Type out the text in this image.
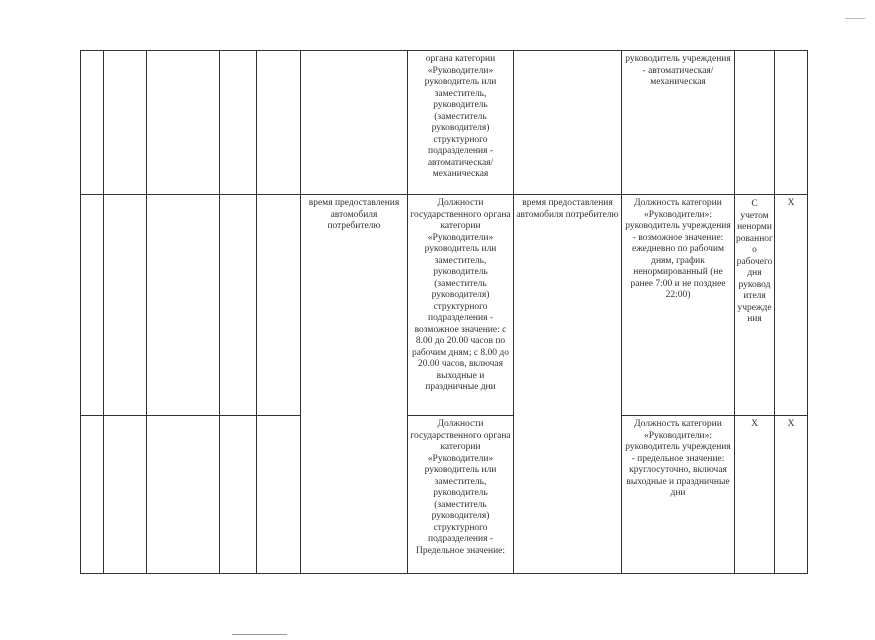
						органа категории «Руководители» руководитель или заместитель, руководитель (заместитель руководителя) структурного подразделения - автоматическая/механическая		руководитель учреждения - автоматическая/механическая		
					время предоставления автомобиля потребителю	Должности государственного органа категории «Руководители» руководитель или заместитель, руководитель (заместитель руководителя) структурного подразделения - возможное значение: с 8.00 до 20.00 часов по рабочим дням; с 8.00 до 20.00 часов, включая выходные и праздничные дни	время предоставления автомобиля потребителю	Должность категории «Руководители»: руководитель учреждения - возможное значение: ежедневно по рабочим дням, график ненормированный (не ранее 7:00 и не позднее 22:00)	С учетом ненормированного рабочего дня руководителя учреждения	X
						Должности государственного органа категории «Руководители» руководитель или заместитель, руководитель (заместитель руководителя) структурного подразделения - Предельное значение:		Должность категории «Руководители»: руководитель учреждения - предельное значение: круглосуточно, включая выходные и праздничные дни	X	X
